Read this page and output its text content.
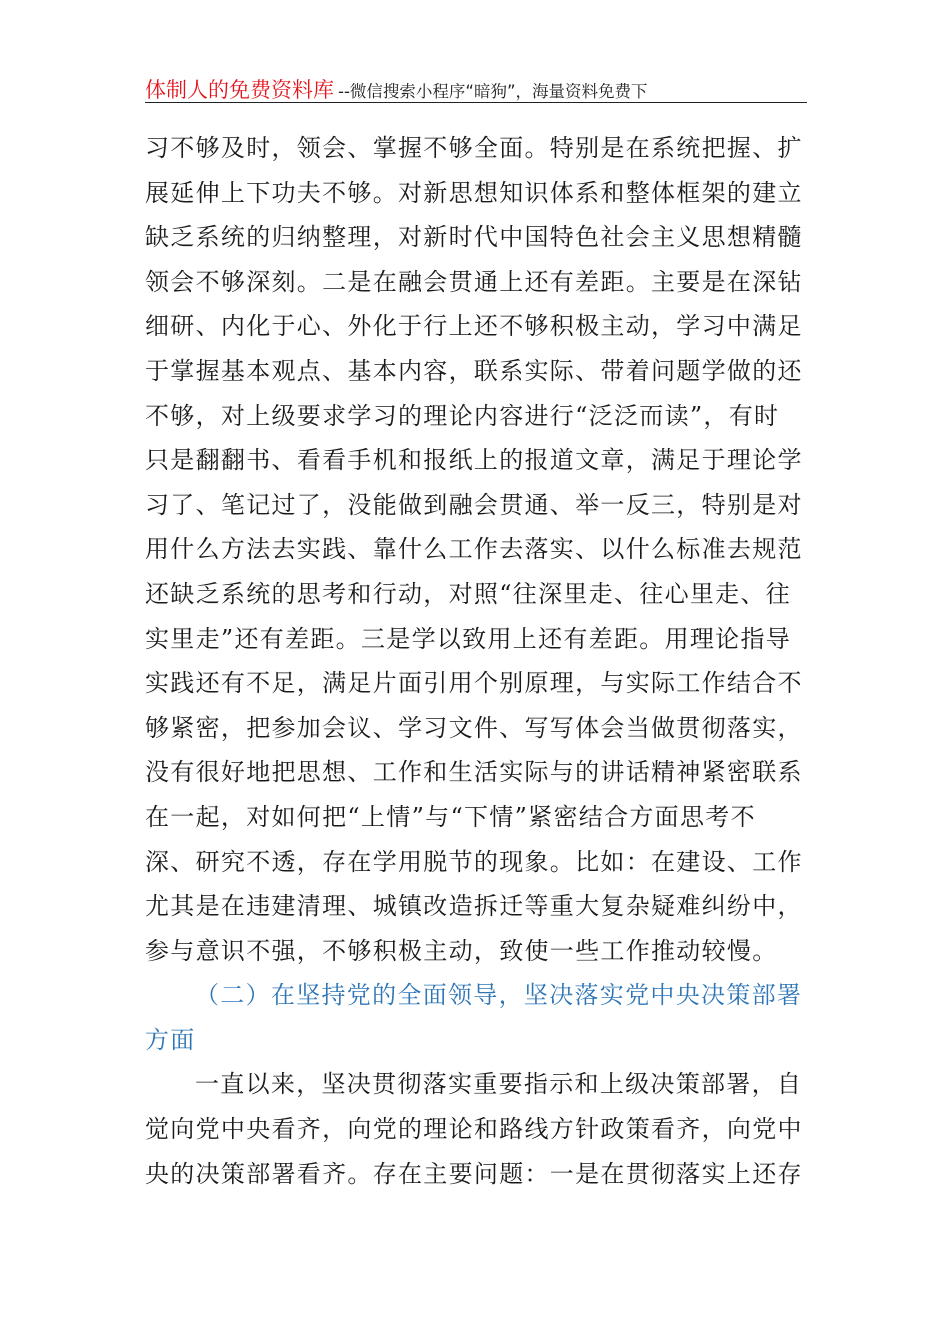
体制人的免费资料库 --微信搜索小程序“暗狗”，海量资料免费下
习不够及时，领会、掌握不够全面。特别是在系统把握、扩
展延伸上下功夫不够。对新思想知识体系和整体框架的建立
缺乏系统的归纳整理，对新时代中国特色社会主义思想精髓
领会不够深刻。二是在融会贯通上还有差距。主要是在深钻
细研、内化于心、外化于行上还不够积极主动，学习中满足
于掌握基本观点、基本内容，联系实际、带着问题学做的还
不够，对上级要求学习的理论内容进行“泛泛而读”，有时
只是翻翻书、看看手机和报纸上的报道文章，满足于理论学
习了、笔记过了，没能做到融会贯通、举一反三，特别是对
用什么方法去实践、靠什么工作去落实、以什么标准去规范
还缺乏系统的思考和行动，对照“往深里走、往心里走、往
实里走”还有差距。三是学以致用上还有差距。用理论指导
实践还有不足，满足片面引用个别原理，与实际工作结合不
够紧密，把参加会议、学习文件、写写体会当做贯彻落实，
没有很好地把思想、工作和生活实际与的讲话精神紧密联系
在一起，对如何把“上情”与“下情”紧密结合方面思考不
深、研究不透，存在学用脱节的现象。比如：在建设、工作
尤其是在违建清理、城镇改造拆迁等重大复杂疑难纠纷中，
参与意识不强，不够积极主动，致使一些工作推动较慢。
（二）在坚持党的全面领导，坚决落实党中央决策部署
方面
一直以来，坚决贯彻落实重要指示和上级决策部署，自
觉向党中央看齐，向党的理论和路线方针政策看齐，向党中
央的决策部署看齐。存在主要问题：一是在贯彻落实上还存
